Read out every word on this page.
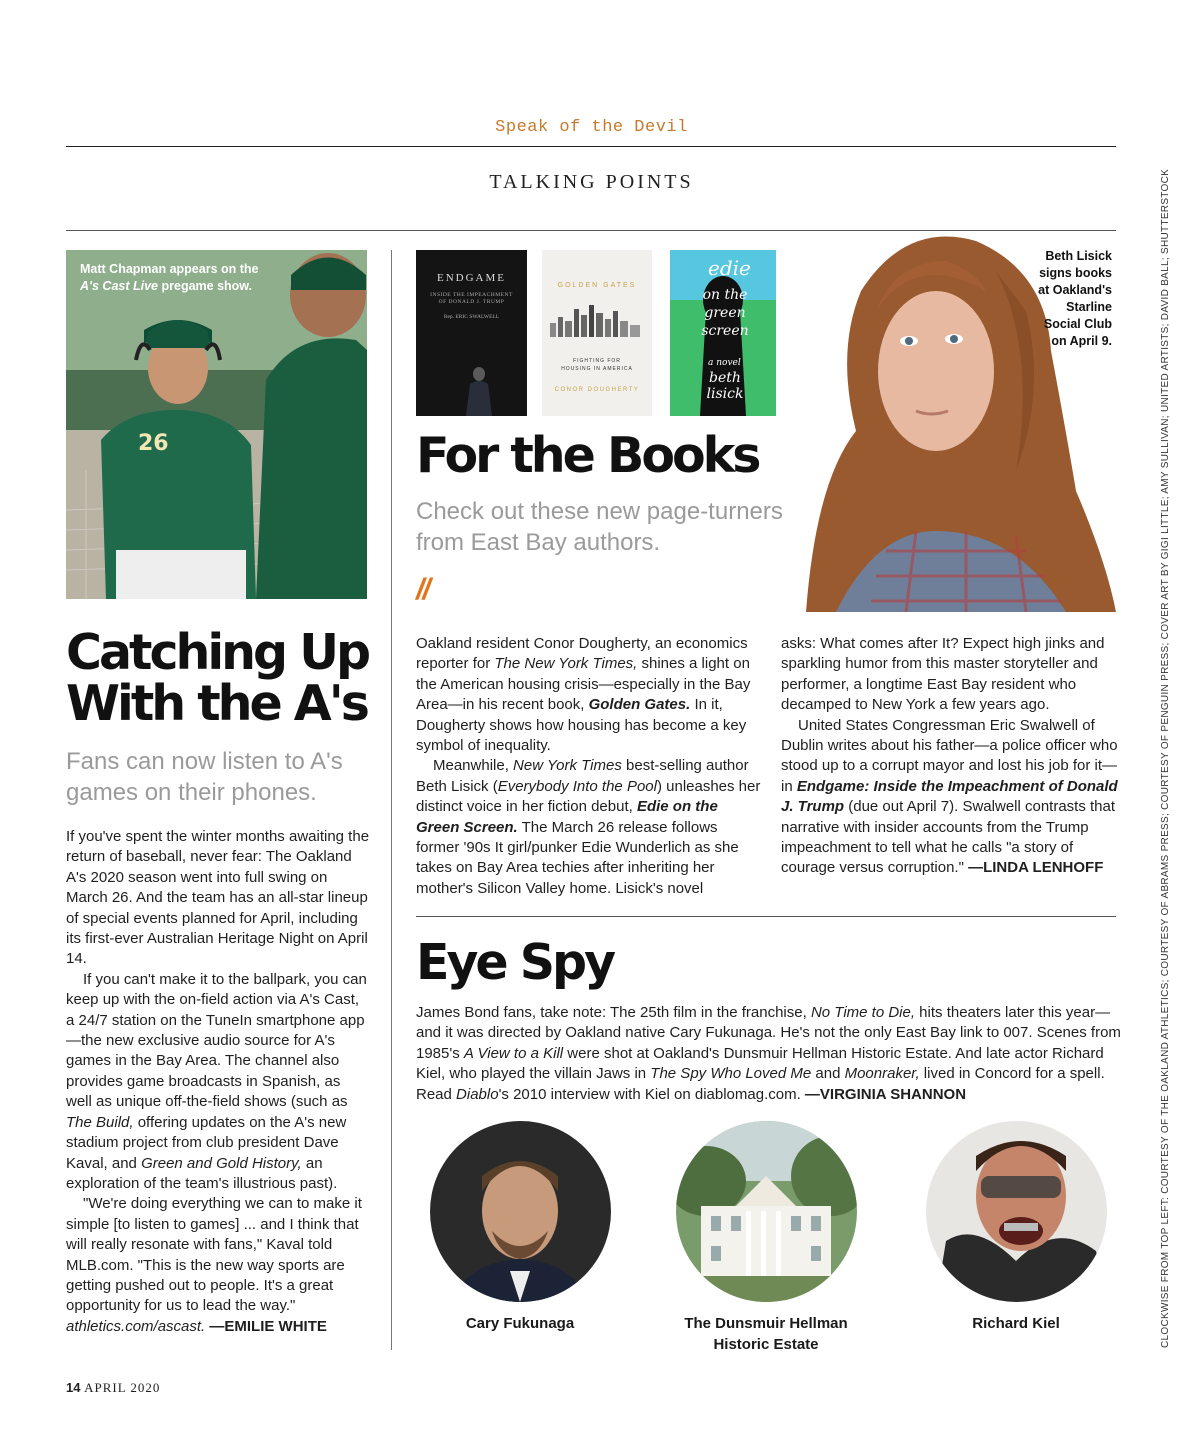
Speak of the Devil
TALKING POINTS
26
Matt Chapman appears on the
A's Cast Live pregame show.
Catching Up
With the A's
Fans can now listen to A's games on their phones.

If you've spent the winter months awaiting the return of baseball, never fear: The Oakland A's 2020 season went into full swing on March 26. And the team has an all-star lineup of special events planned for April, including its first-ever Australian Heritage Night on April 14.

If you can't make it to the ballpark, you can keep up with the on-field action via A's Cast, a 24/7 station on the TuneIn smartphone app—the new exclusive audio source for A's games in the Bay Area. The channel also provides game broadcasts in Spanish, as well as unique off-the-field shows (such as The Build, offering updates on the A's new stadium project from club president Dave Kaval, and Green and Gold History, an exploration of the team's illustrious past).

"We're doing everything we can to make it simple [to listen to games] ... and I think that will really resonate with fans," Kaval told MLB.com. "This is the new way sports are getting pushed out to people. It's a great opportunity for us to lead the way." athletics.com/ascast. —EMILIE WHITE

ENDGAME
INSIDE THE IMPEACHMENT OF DONALD J. TRUMP
Rep. ERIC SWALWELL
GOLDEN GATES
FIGHTING FOR HOUSING IN AMERICA
CONOR DOUGHERTY
edie
on the green screen
a novel
beth lisick
Beth Lisick signs books at Oakland's Starline Social Club on April 9.
For the Books
Check out these new page-turners from East Bay authors.
//

Oakland resident Conor Dougherty, an economics reporter for The New York Times, shines a light on the American housing crisis—especially in the Bay Area—in his recent book, Golden Gates. In it, Dougherty shows how housing has become a key symbol of inequality.

Meanwhile, New York Times best-selling author Beth Lisick (Everybody Into the Pool) unleashes her distinct voice in her fiction debut, Edie on the Green Screen. The March 26 release follows former '90s It girl/punker Edie Wunderlich as she takes on Bay Area techies after inheriting her mother's Silicon Valley home. Lisick's novel

asks: What comes after It? Expect high jinks and sparkling humor from this master storyteller and performer, a longtime East Bay resident who decamped to New York a few years ago.

United States Congressman Eric Swalwell of Dublin writes about his father—a police officer who stood up to a corrupt mayor and lost his job for it—in Endgame: Inside the Impeachment of Donald J. Trump (due out April 7). Swalwell contrasts that narrative with insider accounts from the Trump impeachment to tell what he calls "a story of courage versus corruption." —LINDA LENHOFF

Eye Spy

James Bond fans, take note: The 25th film in the franchise, No Time to Die, hits theaters later this year—and it was directed by Oakland native Cary Fukunaga. He's not the only East Bay link to 007. Scenes from 1985's A View to a Kill were shot at Oakland's Dunsmuir Hellman Historic Estate. And late actor Richard Kiel, who played the villain Jaws in The Spy Who Loved Me and Moonraker, lived in Concord for a spell. Read Diablo's 2010 interview with Kiel on diablomag.com. —VIRGINIA SHANNON

Cary Fukunaga	The Dunsmuir Hellman
Historic Estate
Richard Kiel	CLOCKWISE FROM TOP LEFT: COURTESY OF THE OAKLAND ATHLETICS; COURTESY OF ABRAMS PRESS; COURTESY OF PENGUIN PRESS; COVER ART BY GIGI LITTLE; AMY SULLIVAN; UNITED ARTISTS; DAVID BALL; SHUTTERSTOCK
14 APRIL 2020
